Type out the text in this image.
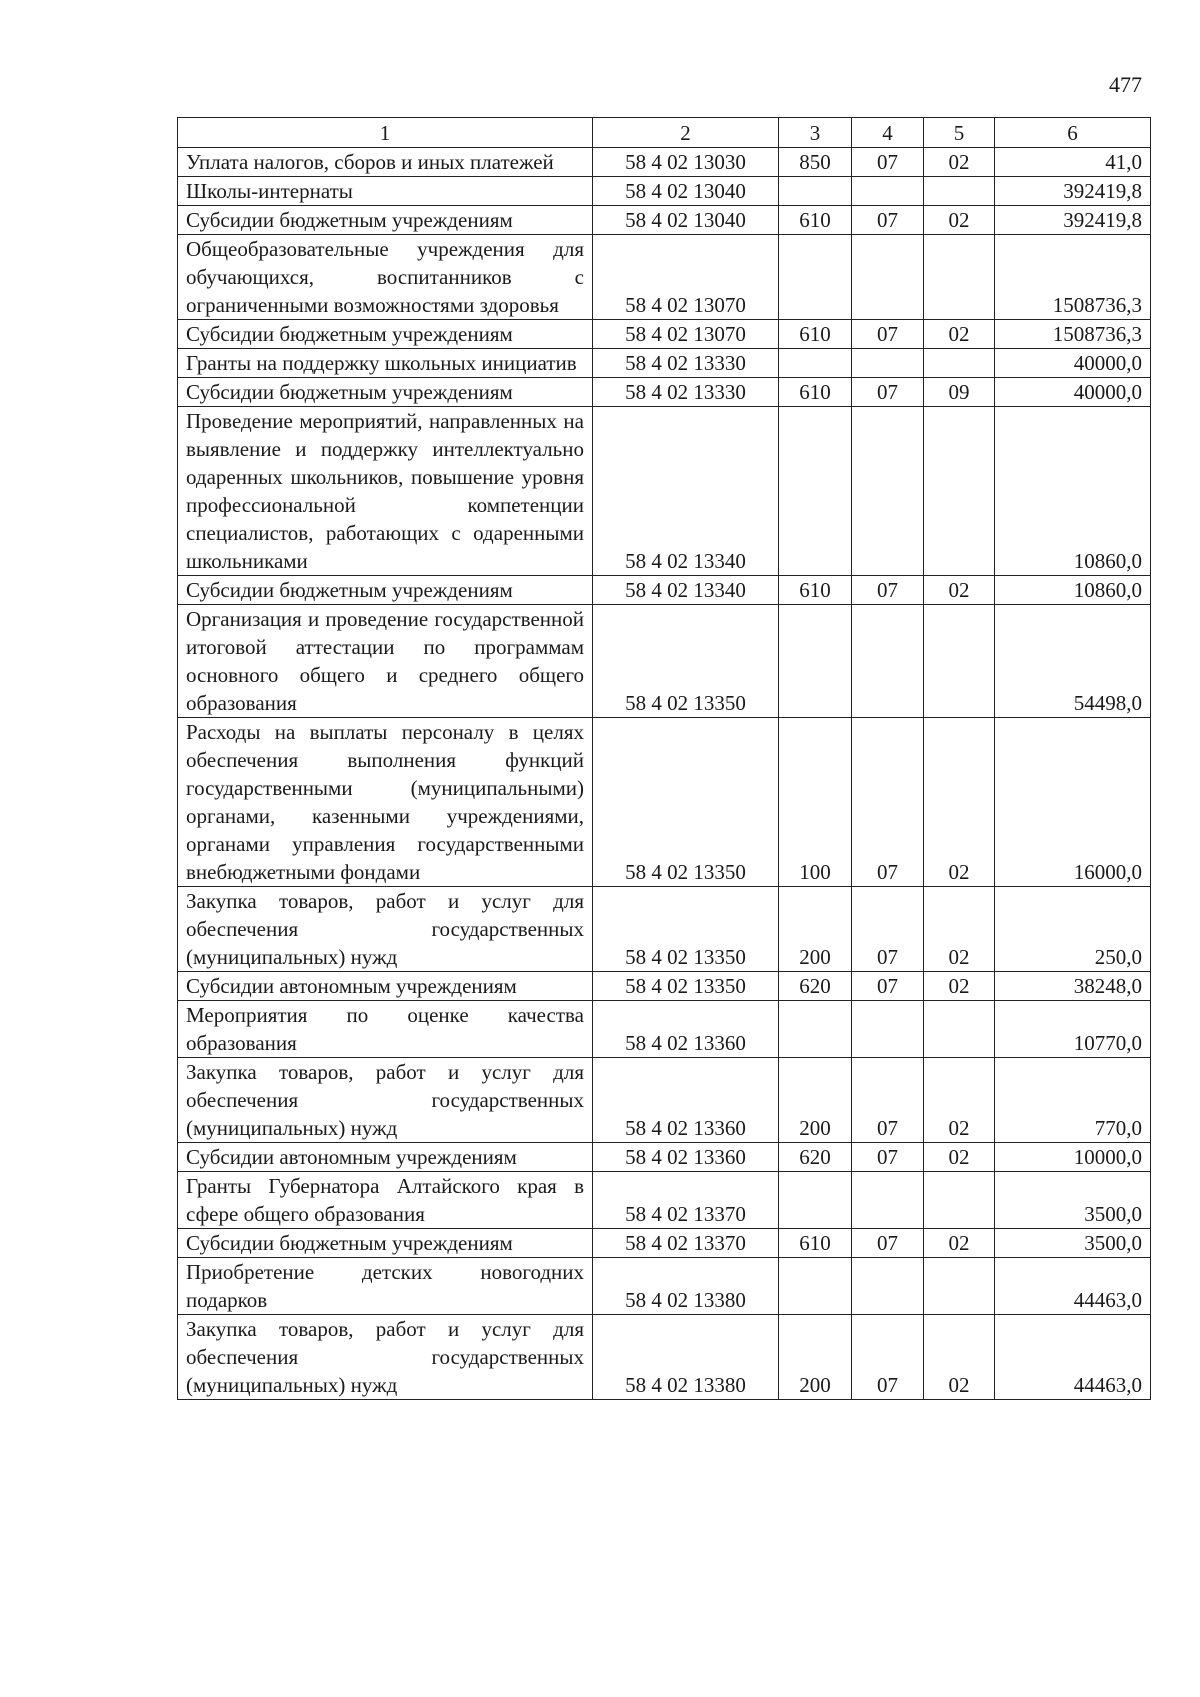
477
1	2	3	4	5	6
Уплата налогов, сборов и иных платежей	58 4 02 13030	850	07	02	41,0
Школы-интернаты	58 4 02 13040				392419,8
Субсидии бюджетным учреждениям	58 4 02 13040	610	07	02	392419,8
Общеобразовательные учреждения для обучающихся, воспитанников с ограниченными возможностями здоровья	58 4 02 13070				1508736,3
Субсидии бюджетным учреждениям	58 4 02 13070	610	07	02	1508736,3
Гранты на поддержку школьных инициатив	58 4 02 13330				40000,0
Субсидии бюджетным учреждениям	58 4 02 13330	610	07	09	40000,0
Проведение мероприятий, направленных на выявление и поддержку интеллектуально одаренных школьников, повышение уровня профессиональной компетенции специалистов, работающих с одаренными школьниками	58 4 02 13340				10860,0
Субсидии бюджетным учреждениям	58 4 02 13340	610	07	02	10860,0
Организация и проведение государственной итоговой аттестации по программам основного общего и среднего общего образования	58 4 02 13350				54498,0
Расходы на выплаты персоналу в целях обеспечения выполнения функций государственными (муниципальными) органами, казенными учреждениями, органами управления государственными внебюджетными фондами	58 4 02 13350	100	07	02	16000,0
Закупка товаров, работ и услуг для обеспечения государственных (муниципальных) нужд	58 4 02 13350	200	07	02	250,0
Субсидии автономным учреждениям	58 4 02 13350	620	07	02	38248,0
Мероприятия по оценке качества образования	58 4 02 13360				10770,0
Закупка товаров, работ и услуг для обеспечения государственных (муниципальных) нужд	58 4 02 13360	200	07	02	770,0
Субсидии автономным учреждениям	58 4 02 13360	620	07	02	10000,0
Гранты Губернатора Алтайского края в сфере общего образования	58 4 02 13370				3500,0
Субсидии бюджетным учреждениям	58 4 02 13370	610	07	02	3500,0
Приобретение детских новогодних подарков	58 4 02 13380				44463,0
Закупка товаров, работ и услуг для обеспечения государственных (муниципальных) нужд	58 4 02 13380	200	07	02	44463,0
